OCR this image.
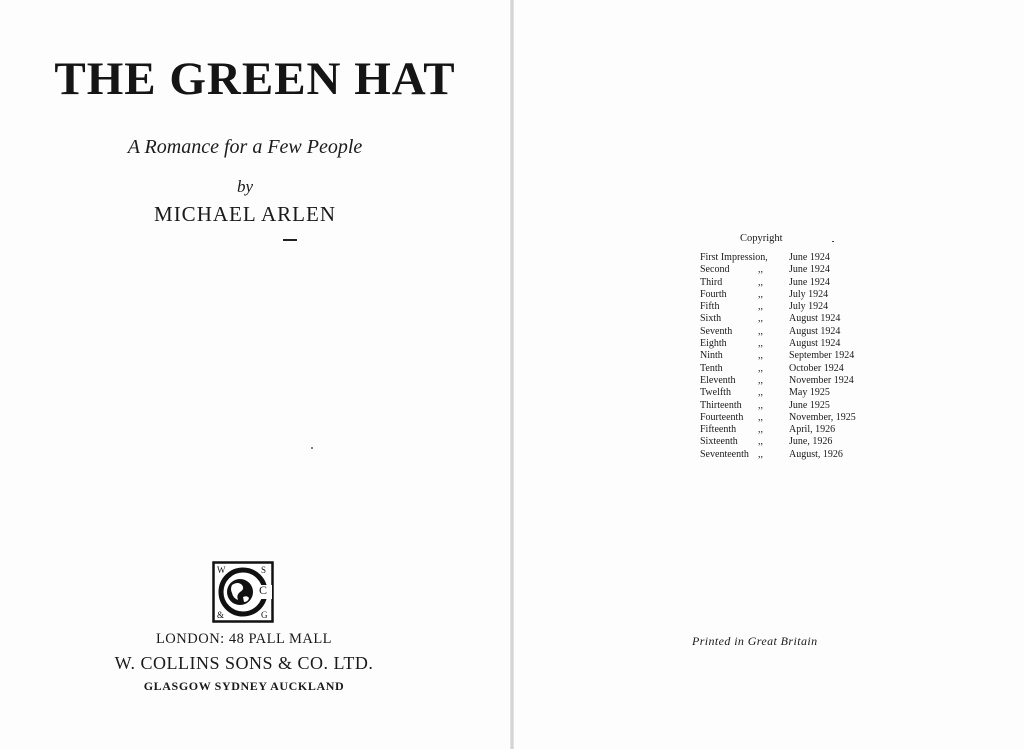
THE GREEN HAT
A Romance for a Few People
by
MICHAEL ARLEN
W	S
C
&	G
LONDON: 48 PALL MALL
W. COLLINS SONS & CO. LTD.
GLASGOW SYDNEY AUCKLAND
Copyright
First Impression, June 1924
Second	,,	June 1924
Third	,,	June 1924
Fourth	,,	July 1924
Fifth	,,	July 1924
Sixth	,,	August 1924
Seventh	,,	August 1924
Eighth	,,	August 1924
Ninth	,,	September 1924
Tenth	,,	October 1924
Eleventh ,,	November 1924
Twelfth	,,	May 1925
Thirteenth ,,	June 1925
Fourteenth ,,	November, 1925
Fifteenth ,,	April, 1926
Sixteenth ,,	June, 1926
Seventeenth ,,	August, 1926
Printed in Great Britain
